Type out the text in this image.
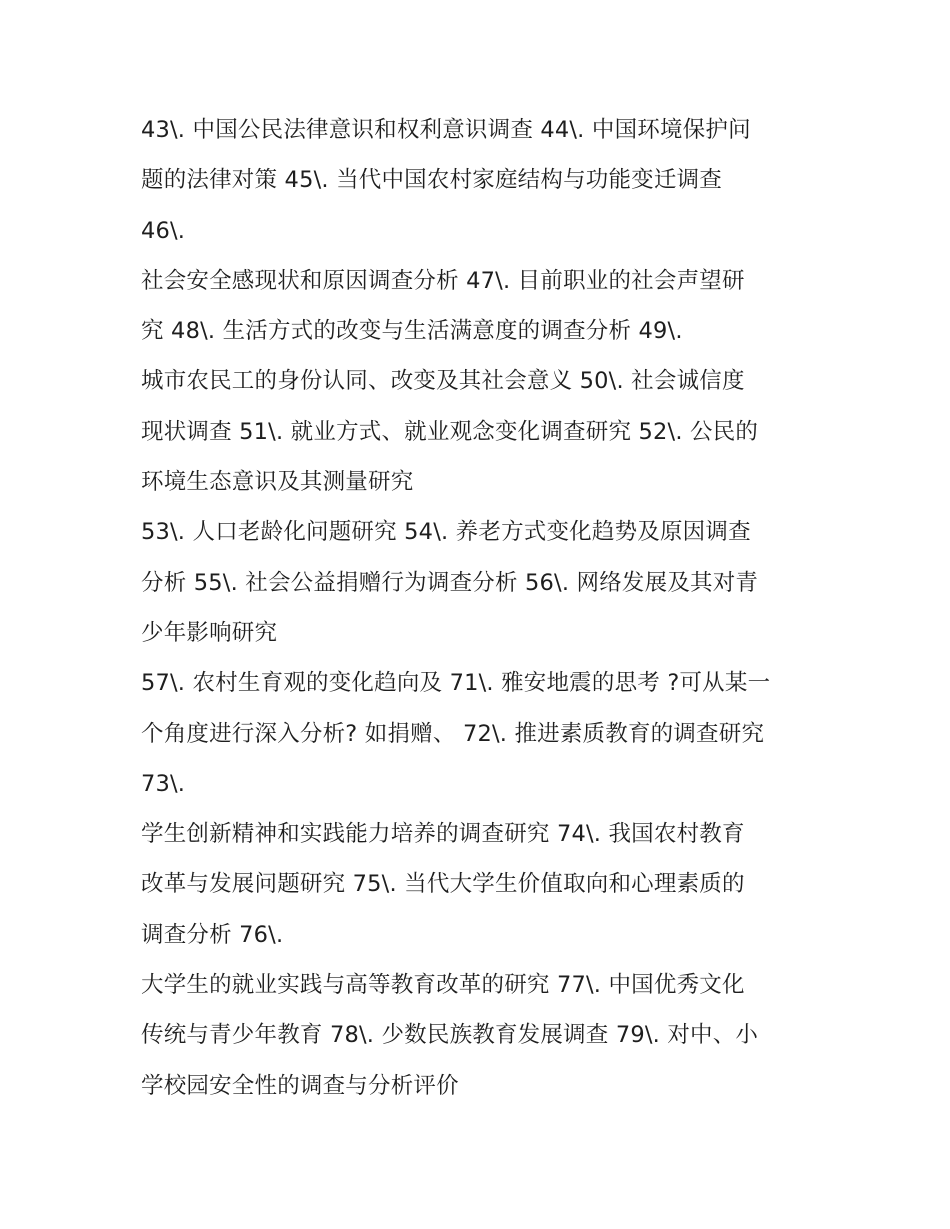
43\. 中国公民法律意识和权利意识调查 44\. 中国环境保护问
题的法律对策 45\. 当代中国农村家庭结构与功能变迁调查
46\.
社会安全感现状和原因调查分析 47\. 目前职业的社会声望研
究 48\. 生活方式的改变与生活满意度的调查分析 49\.
城市农民工的身份认同、改变及其社会意义 50\. 社会诚信度
现状调查 51\. 就业方式、就业观念变化调查研究 52\. 公民的
环境生态意识及其测量研究
53\. 人口老龄化问题研究 54\. 养老方式变化趋势及原因调查
分析 55\. 社会公益捐赠行为调查分析 56\. 网络发展及其对青
少年影响研究
57\. 农村生育观的变化趋向及 71\. 雅安地震的思考 ?可从某一
个角度进行深入分析? 如捐赠、 72\. 推进素质教育的调查研究
73\.
学生创新精神和实践能力培养的调查研究 74\. 我国农村教育
改革与发展问题研究 75\. 当代大学生价值取向和心理素质的
调查分析 76\.
大学生的就业实践与高等教育改革的研究 77\. 中国优秀文化
传统与青少年教育 78\. 少数民族教育发展调查 79\. 对中、小
学校园安全性的调查与分析评价
